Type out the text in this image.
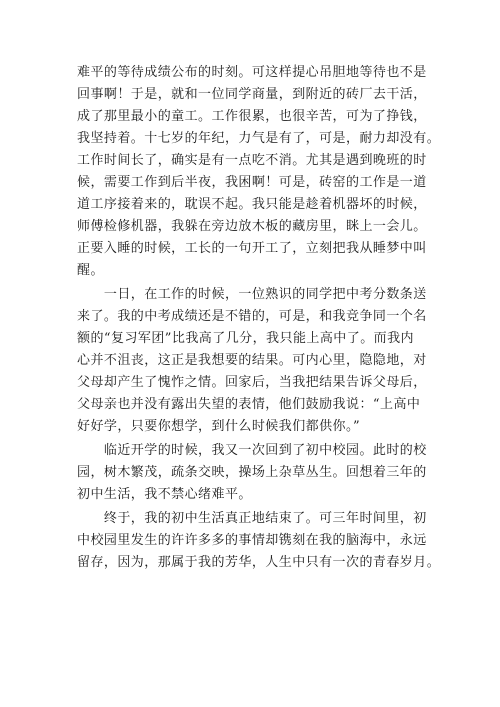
难平的等待成绩公布的时刻。可这样提心吊胆地等待也不是
回事啊！于是，就和一位同学商量，到附近的砖厂去干活，
成了那里最小的童工。工作很累，也很辛苦，可为了挣钱，
我坚持着。十七岁的年纪，力气是有了，可是，耐力却没有。
工作时间长了，确实是有一点吃不消。尤其是遇到晚班的时
候，需要工作到后半夜，我困啊！可是，砖窑的工作是一道
道工序接着来的，耽误不起。我只能是趁着机器坏的时候，
师傅检修机器，我躲在旁边放木板的藏房里，眯上一会儿。
正要入睡的时候，工长的一句开工了，立刻把我从睡梦中叫
醒。
　　一日，在工作的时候，一位熟识的同学把中考分数条送
来了。我的中考成绩还是不错的，可是，和我竞争同一个名
额的“复习军团”比我高了几分，我只能上高中了。而我内
心并不沮丧，这正是我想要的结果。可内心里，隐隐地，对
父母却产生了愧怍之情。回家后，当我把结果告诉父母后，
父母亲也并没有露出失望的表情，他们鼓励我说：“上高中
好好学，只要你想学，到什么时候我们都供你。”
　　临近开学的时候，我又一次回到了初中校园。此时的校
园，树木繁茂，疏条交映，操场上杂草丛生。回想着三年的
初中生活，我不禁心绪难平。
　　终于，我的初中生活真正地结束了。可三年时间里，初
中校园里发生的许许多多的事情却镌刻在我的脑海中，永远
留存，因为，那属于我的芳华，人生中只有一次的青春岁月。
